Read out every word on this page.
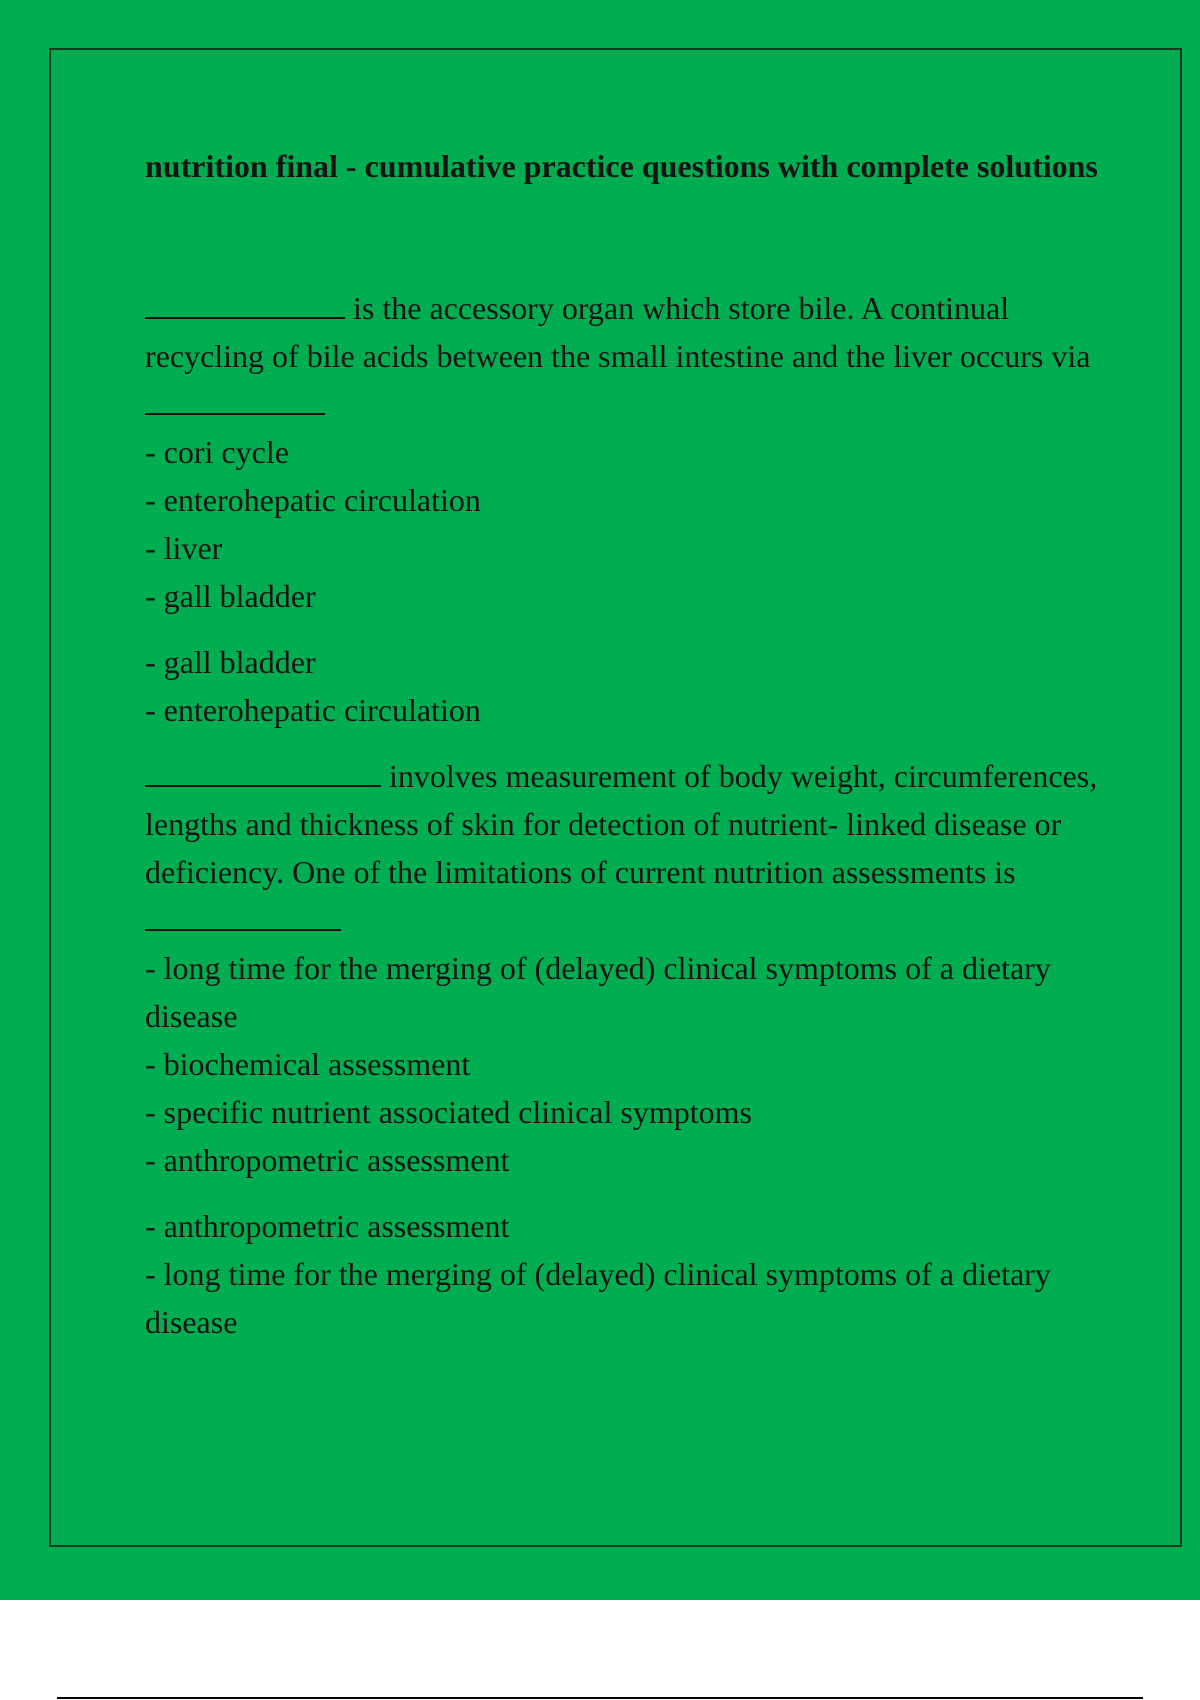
nutrition final - cumulative practice questions with complete solutions

is the accessory organ which store bile. A continual recycling of bile acids between the small intestine and the liver occurs via

- cori cycle
- enterohepatic circulation
- liver
- gall bladder
- gall bladder
- enterohepatic circulation

involves measurement of body weight, circumferences, lengths and thickness of skin for detection of nutrient- linked disease or deficiency. One of the limitations of current nutrition assessments is

- long time for the merging of (delayed) clinical symptoms of a dietary disease
- biochemical assessment
- specific nutrient associated clinical symptoms
- anthropometric assessment
- anthropometric assessment
- long time for the merging of (delayed) clinical symptoms of a dietary disease
